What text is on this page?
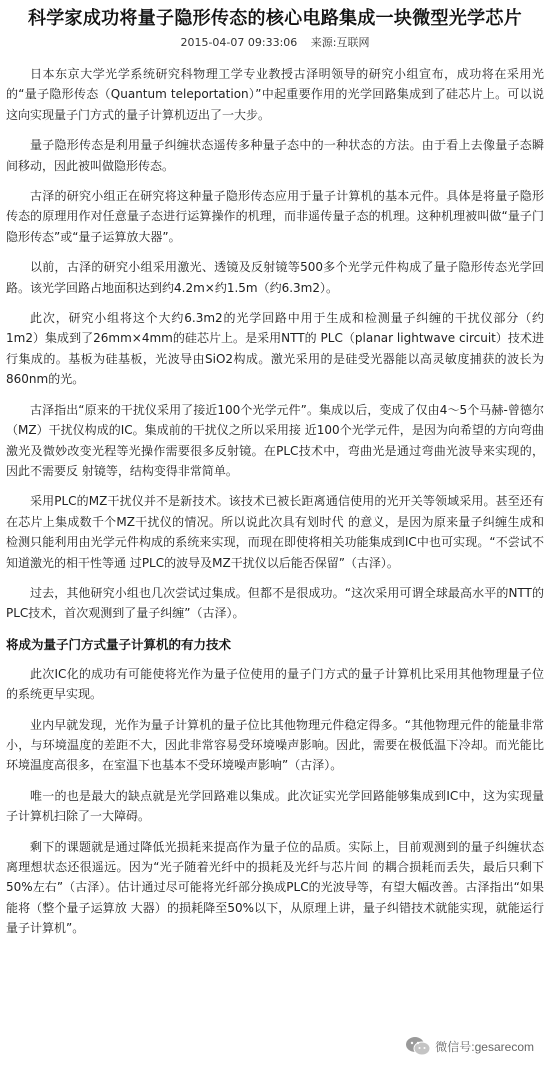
科学家成功将量子隐形传态的核心电路集成一块微型光学芯片
2015-04-07 09:33:06 来源:互联网

日本东京大学光学系统研究科物理工学专业教授古泽明领导的研究小组宣布，成功将在采用光的“量子隐形传态（Quantum teleportation）”中起重要作用的光学回路集成到了硅芯片上。可以说这向实现量子门方式的量子计算机迈出了一大步。

量子隐形传态是利用量子纠缠状态遥传多种量子态中的一种状态的方法。由于看上去像量子态瞬间移动，因此被叫做隐形传态。

古泽的研究小组正在研究将这种量子隐形传态应用于量子计算机的基本元件。具体是将量子隐形传态的原理用作对任意量子态进行运算操作的机理，而非遥传量子态的机理。这种机理被叫做“量子门隐形传态”或“量子运算放大器”。

以前，古泽的研究小组采用激光、透镜及反射镜等500多个光学元件构成了量子隐形传态光学回路。该光学回路占地面积达到约4.2m×约1.5m（约6.3m2）。

此次，研究小组将这个大约6.3m2的光学回路中用于生成和检测量子纠缠的干扰仪部分（约1m2）集成到了26mm×4mm的硅芯片上。是采用NTT的 PLC（planar lightwave circuit）技术进行集成的。基板为硅基板，光波导由SiO2构成。激光采用的是硅受光器能以高灵敏度捕获的波长为860nm的光。

古泽指出“原来的干扰仪采用了接近100个光学元件”。集成以后，变成了仅由4～5个马赫-曾德尔（MZ）干扰仪构成的IC。集成前的干扰仪之所以采用接 近100个光学元件，是因为向希望的方向弯曲激光及微妙改变光程等光操作需要很多反射镜。在PLC技术中，弯曲光是通过弯曲光波导来实现的，因此不需要反 射镜等，结构变得非常简单。

采用PLC的MZ干扰仪并不是新技术。该技术已被长距离通信使用的光开关等领域采用。甚至还有在芯片上集成数千个MZ干扰仪的情况。所以说此次具有划时代 的意义，是因为原来量子纠缠生成和检测只能利用由光学元件构成的系统来实现，而现在即使将相关功能集成到IC中也可实现。“不尝试不知道激光的相干性等通 过PLC的波导及MZ干扰仪以后能否保留”（古泽）。

过去，其他研究小组也几次尝试过集成。但都不是很成功。“这次采用可谓全球最高水平的NTT的PLC技术，首次观测到了量子纠缠”（古泽）。

将成为量子门方式量子计算机的有力技术

此次IC化的成功有可能使将光作为量子位使用的量子门方式的量子计算机比采用其他物理量子位的系统更早实现。

业内早就发现，光作为量子计算机的量子位比其他物理元件稳定得多。“其他物理元件的能量非常小，与环境温度的差距不大，因此非常容易受环境噪声影响。因此，需要在极低温下冷却。而光能比环境温度高很多，在室温下也基本不受环境噪声影响”（古泽）。

唯一的也是最大的缺点就是光学回路难以集成。此次证实光学回路能够集成到IC中，这为实现量子计算机扫除了一大障碍。

剩下的课题就是通过降低光损耗来提高作为量子位的品质。实际上，目前观测到的量子纠缠状态离理想状态还很遥远。因为“光子随着光纤中的损耗及光纤与芯片间 的耦合损耗而丢失，最后只剩下50%左右”（古泽）。估计通过尽可能将光纤部分换成PLC的光波导等，有望大幅改善。古泽指出“如果能将（整个量子运算放 大器）的损耗降至50%以下，从原理上讲，量子纠错技术就能实现，就能运行量子计算机”。

微信号:gesarecom
